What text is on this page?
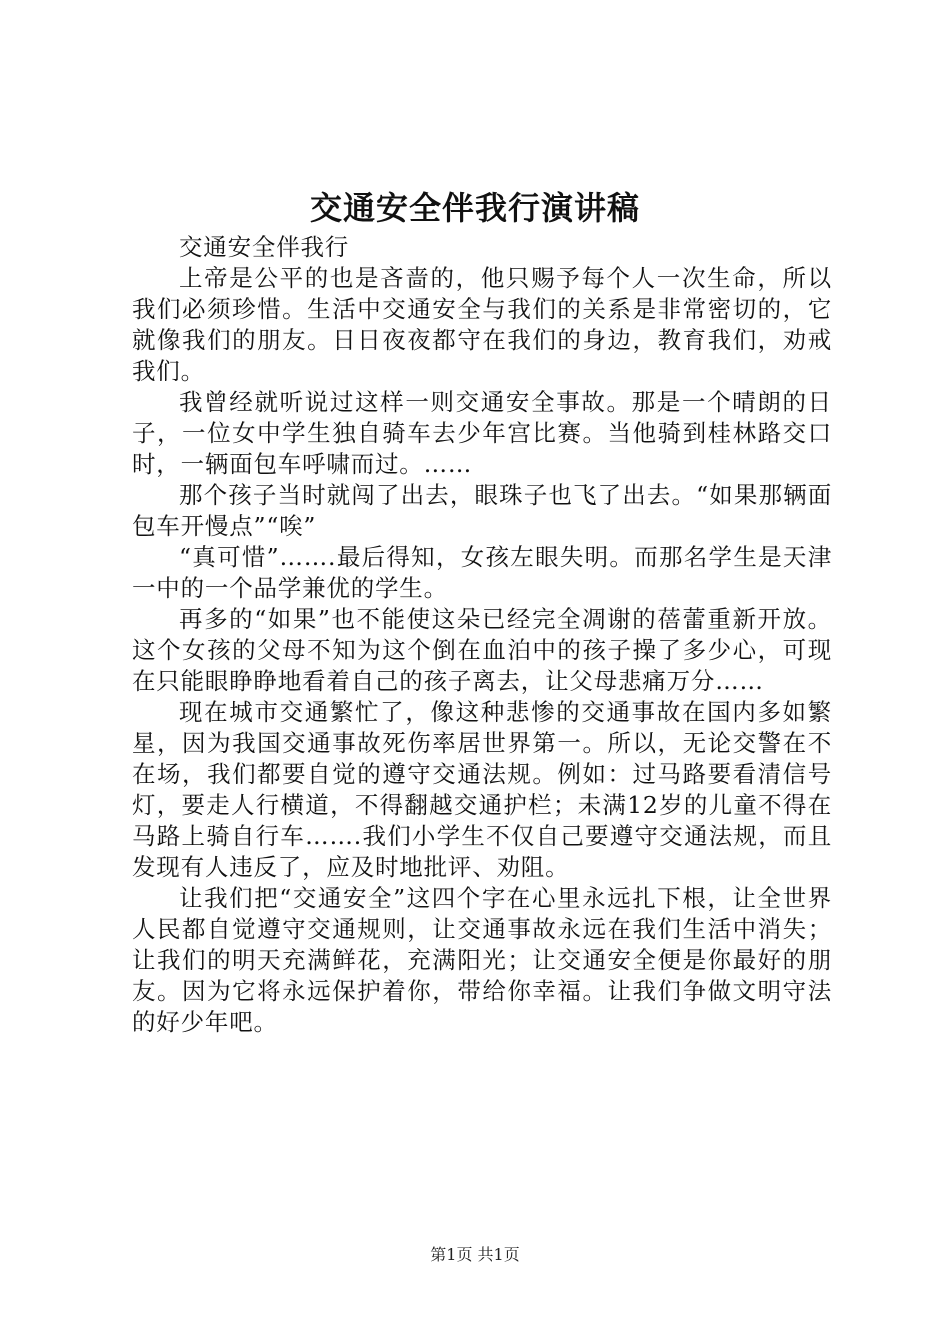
交通安全伴我行演讲稿

交通安全伴我行

上帝是公平的也是吝啬的，他只赐予每个人一次生命，所以我们必须珍惜。生活中交通安全与我们的关系是非常密切的，它就像我们的朋友。日日夜夜都守在我们的身边，教育我们，劝戒我们。

我曾经就听说过这样一则交通安全事故。那是一个晴朗的日子，一位女中学生独自骑车去少年宫比赛。当他骑到桂林路交口时，一辆面包车呼啸而过。……

那个孩子当时就闯了出去，眼珠子也飞了出去。“如果那辆面包车开慢点”“唉”

“真可惜”…….最后得知，女孩左眼失明。而那名学生是天津一中的一个品学兼优的学生。

再多的“如果”也不能使这朵已经完全凋谢的蓓蕾重新开放。这个女孩的父母不知为这个倒在血泊中的孩子操了多少心，可现在只能眼睁睁地看着自己的孩子离去，让父母悲痛万分……

现在城市交通繁忙了，像这种悲惨的交通事故在国内多如繁星，因为我国交通事故死伤率居世界第一。所以，无论交警在不在场，我们都要自觉的遵守交通法规。例如：过马路要看清信号灯，要走人行横道，不得翻越交通护栏；未满12岁的儿童不得在马路上骑自行车…….我们小学生不仅自己要遵守交通法规，而且发现有人违反了，应及时地批评、劝阻。

让我们把“交通安全”这四个字在心里永远扎下根，让全世界人民都自觉遵守交通规则，让交通事故永远在我们生活中消失；让我们的明天充满鲜花，充满阳光；让交通安全便是你最好的朋友。因为它将永远保护着你，带给你幸福。让我们争做文明守法的好少年吧。

第1页 共1页
